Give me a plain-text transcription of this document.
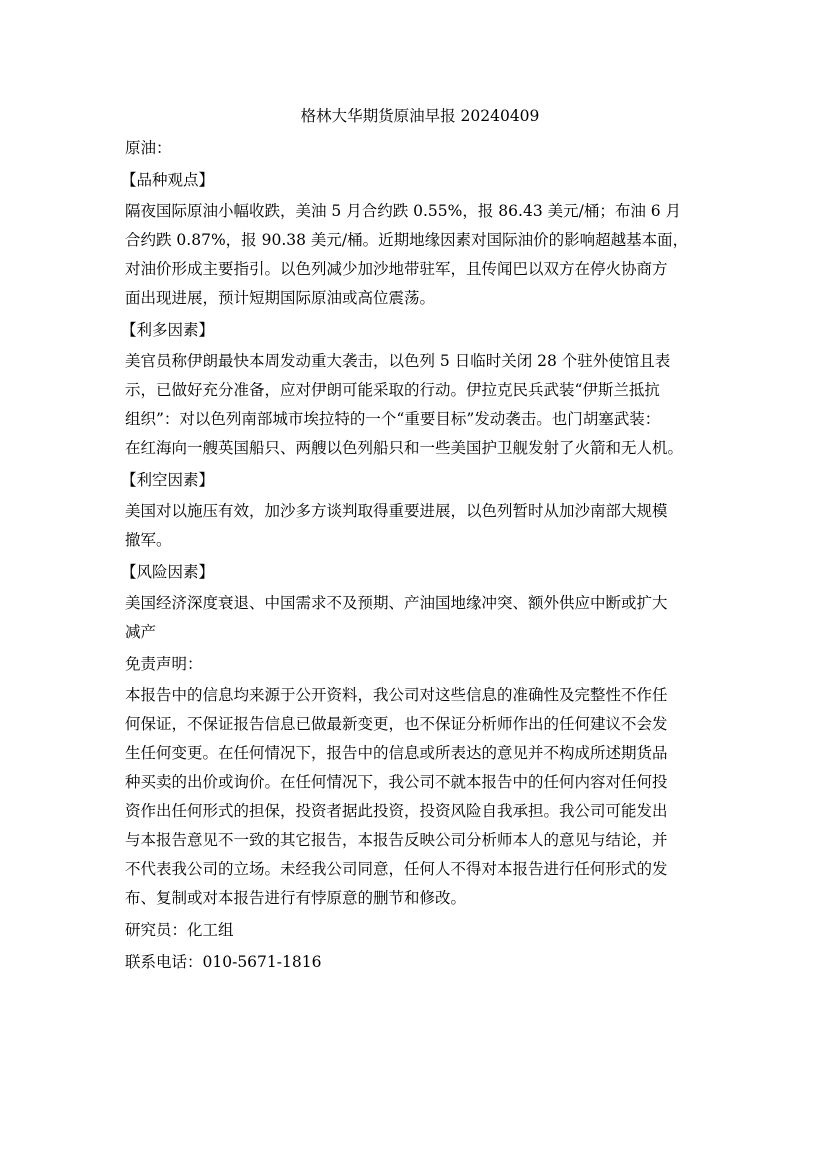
格林大华期货原油早报 20240409
原油：
【品种观点】
隔夜国际原油小幅收跌，美油 5 月合约跌 0.55%，报 86.43 美元/桶；布油 6 月
合约跌 0.87%，报 90.38 美元/桶。近期地缘因素对国际油价的影响超越基本面，
对油价形成主要指引。以色列减少加沙地带驻军，且传闻巴以双方在停火协商方
面出现进展，预计短期国际原油或高位震荡。
【利多因素】
美官员称伊朗最快本周发动重大袭击，以色列 5 日临时关闭 28 个驻外使馆且表
示，已做好充分准备，应对伊朗可能采取的行动。伊拉克民兵武装“伊斯兰抵抗
组织”：对以色列南部城市埃拉特的一个“重要目标”发动袭击。也门胡塞武装：
在红海向一艘英国船只、两艘以色列船只和一些美国护卫舰发射了火箭和无人机。
【利空因素】
美国对以施压有效，加沙多方谈判取得重要进展，以色列暂时从加沙南部大规模
撤军。
【风险因素】
美国经济深度衰退、中国需求不及预期、产油国地缘冲突、额外供应中断或扩大
减产
免责声明：
本报告中的信息均来源于公开资料，我公司对这些信息的准确性及完整性不作任
何保证，不保证报告信息已做最新变更，也不保证分析师作出的任何建议不会发
生任何变更。在任何情况下，报告中的信息或所表达的意见并不构成所述期货品
种买卖的出价或询价。在任何情况下，我公司不就本报告中的任何内容对任何投
资作出任何形式的担保，投资者据此投资，投资风险自我承担。我公司可能发出
与本报告意见不一致的其它报告，本报告反映公司分析师本人的意见与结论，并
不代表我公司的立场。未经我公司同意，任何人不得对本报告进行任何形式的发
布、复制或对本报告进行有悖原意的删节和修改。
研究员：化工组
联系电话：010-5671-1816
